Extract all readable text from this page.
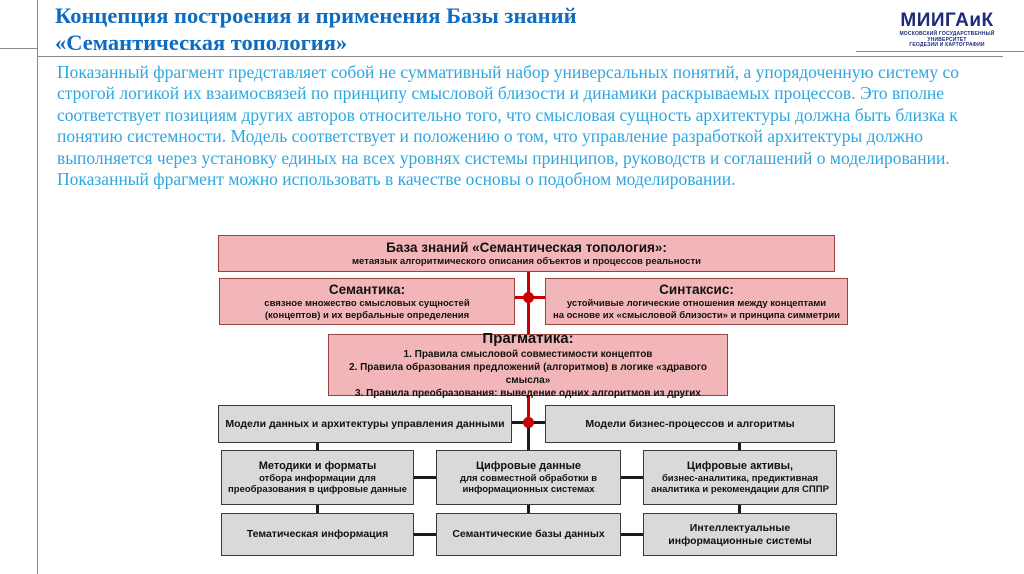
Концепция построения и применения Базы знаний
«Семантическая топология»
МИИГАиК
МОСКОВСКИЙ ГОСУДАРСТВЕННЫЙ УНИВЕРСИТЕТ
ГЕОДЕЗИИ И КАРТОГРАФИИ
Показанный фрагмент представляет собой не суммативный набор универсальных понятий, а упорядоченную систему со строгой логикой их взаимосвязей по принципу смысловой близости и динамики раскрываемых процессов. Это вполне соответствует позициям других авторов относительно того, что смысловая сущность архитектуры должна быть близка к понятию системности. Модель соответствует и положению о том, что управление разработкой архитектуры должно выполняется через установку единых на всех уровнях системы принципов, руководств и соглашений о моделировании. Показанный фрагмент можно использовать в качестве основы о подобном моделировании.
База знаний «Семантическая топология»:
метаязык алгоритмического описания объектов и процессов реальности
Семантика:
связное множество смысловых сущностей
(концептов) и их вербальные определения
Синтаксис:
устойчивые логические отношения между концептами
на основе их «смысловой близости» и принципа симметрии
Прагматика:
1. Правила смысловой совместимости концептов
2. Правила образования предложений (алгоритмов) в логике «здравого смысла»
3. Правила преобразования: выведение одних алгоритмов из других
Модели данных и архитектуры управления данными	Модели бизнес-процессов и алгоритмы
Методики и форматы
отбора информации для
преобразования в цифровые данные
Цифровые данные
для совместной обработки в
информационных системах
Цифровые активы,
бизнес-аналитика, предиктивная
аналитика и рекомендации для СППР
Тематическая информация	Семантические базы данных
Интеллектуальные
информационные системы
